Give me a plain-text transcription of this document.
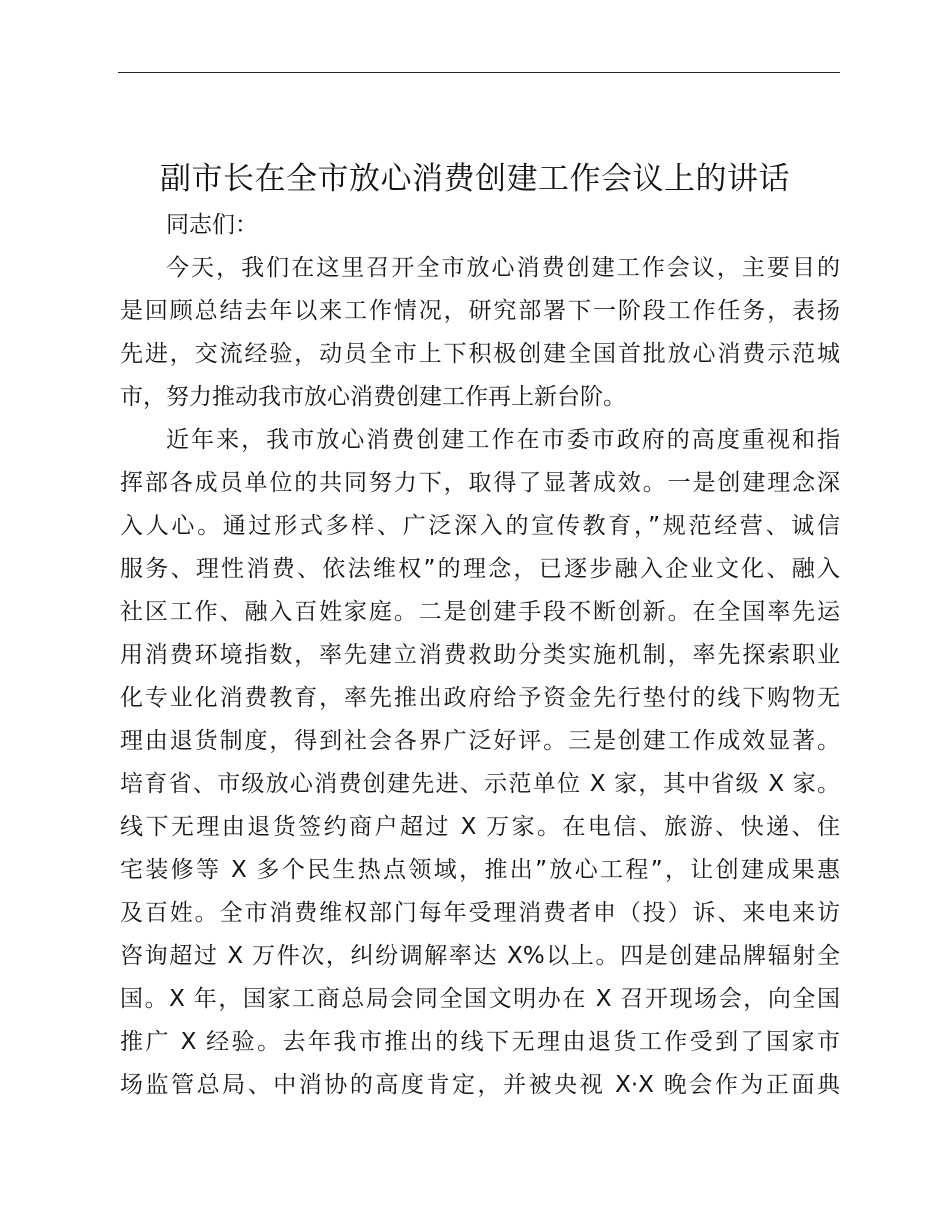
副市长在全市放心消费创建工作会议上的讲话
同志们：
今天，我们在这里召开全市放心消费创建工作会议，主要目的
是回顾总结去年以来工作情况，研究部署下一阶段工作任务，表扬
先进，交流经验，动员全市上下积极创建全国首批放心消费示范城
市，努力推动我市放心消费创建工作再上新台阶。
近年来，我市放心消费创建工作在市委市政府的高度重视和指
挥部各成员单位的共同努力下，取得了显著成效。一是创建理念深
入人心。通过形式多样、广泛深入的宣传教育，”规范经营、诚信
服务、理性消费、依法维权”的理念，已逐步融入企业文化、融入
社区工作、融入百姓家庭。二是创建手段不断创新。在全国率先运
用消费环境指数，率先建立消费救助分类实施机制，率先探索职业
化专业化消费教育，率先推出政府给予资金先行垫付的线下购物无
理由退货制度，得到社会各界广泛好评。三是创建工作成效显著。
培育省、市级放心消费创建先进、示范单位 X 家，其中省级 X 家。
线下无理由退货签约商户超过 X 万家。在电信、旅游、快递、住
宅装修等 X 多个民生热点领域，推出”放心工程”，让创建成果惠
及百姓。全市消费维权部门每年受理消费者申（投）诉、来电来访
咨询超过 X 万件次，纠纷调解率达 X%以上。四是创建品牌辐射全
国。X 年，国家工商总局会同全国文明办在 X 召开现场会，向全国
推广 X 经验。去年我市推出的线下无理由退货工作受到了国家市
场监管总局、中消协的高度肯定，并被央视 X·X 晚会作为正面典
